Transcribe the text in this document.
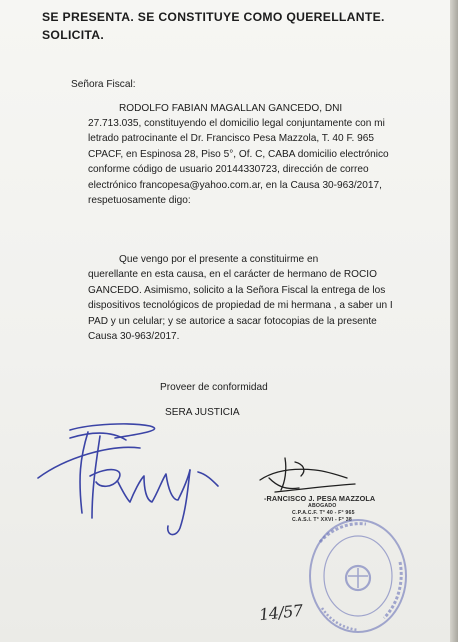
SE PRESENTA. SE CONSTITUYE COMO QUERELLANTE.
SOLICITA.
Señora Fiscal:
RODOLFO FABIAN MAGALLAN GANCEDO, DNI
27.713.035, constituyendo el domicilio legal conjuntamente con mi
letrado patrocinante el Dr. Francisco Pesa Mazzola, T. 40 F. 965
CPACF, en Espinosa 28, Piso 5°, Of. C, CABA domicilio electrónico
conforme código de usuario 20144330723, dirección de correo
electrónico francopesa@yahoo.com.ar, en la Causa 30-963/2017,
respetuosamente digo:
Que vengo por el presente a constituirme en
querellante en esta causa, en el carácter de hermano de ROCIO
GANCEDO. Asimismo, solicito a la Señora Fiscal la entrega de los
dispositivos tecnológicos de propiedad de mi hermana , a saber un I
PAD y un celular; y se autorice a sacar fotocopias de la presente
Causa 30-963/2017.
Proveer de conformidad
SERA JUSTICIA
-RANCISCO J. PESA MAZZOLA
ABOGADO
C.P.A.C.F. T° 40 - F° 965
C.A.S.I. T° XXVI - F° 38
14/57
